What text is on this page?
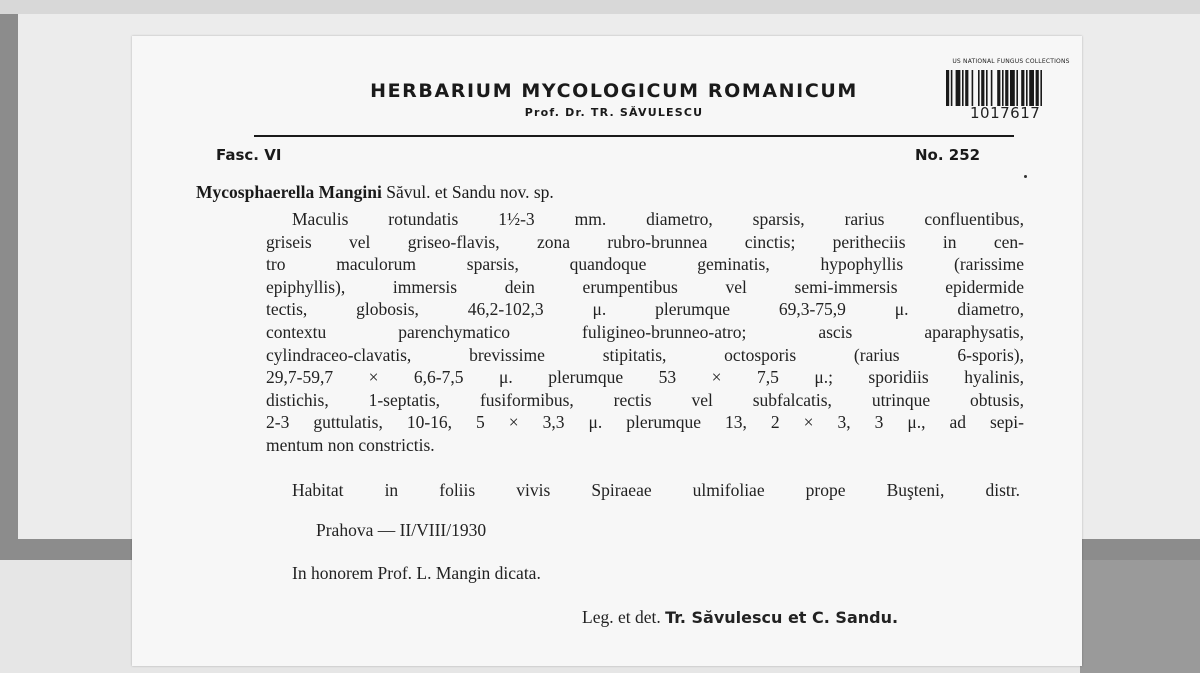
HERBARIUM MYCOLOGICUM ROMANICUM
Prof. Dr. TR. SĂVULESCU
US NATIONAL FUNGUS COLLECTIONS
1017617
Fasc. VI	No. 252
Mycosphaerella Mangini Săvul. et Sandu nov. sp.
Maculis rotundatis 1½-3 mm. diametro, sparsis, rarius confluentibus,
griseis vel griseo-flavis, zona rubro-brunnea cinctis; peritheciis in cen-
tro maculorum sparsis, quandoque geminatis, hypophyllis (rarissime
epiphyllis), immersis dein erumpentibus vel semi-immersis epidermide
tectis, globosis, 46,2-102,3 μ. plerumque 69,3-75,9 μ. diametro,
contextu parenchymatico fuligineo-brunneo-atro; ascis aparaphysatis,
cylindraceo-clavatis, brevissime stipitatis, octosporis (rarius 6-sporis),
29,7-59,7 × 6,6-7,5 μ. plerumque 53 × 7,5 μ.; sporidiis hyalinis,
distichis, 1-septatis, fusiformibus, rectis vel subfalcatis, utrinque obtusis,
2-3 guttulatis, 10-16, 5 × 3,3 μ. plerumque 13, 2 × 3, 3 μ., ad sepi-
mentum non constrictis.
Habitat in foliis vivis Spiraeae ulmifoliae prope Buşteni, distr.
Prahova — II/VIII/1930
In honorem Prof. L. Mangin dicata.
Leg. et det. Tr. Săvulescu et C. Sandu.
